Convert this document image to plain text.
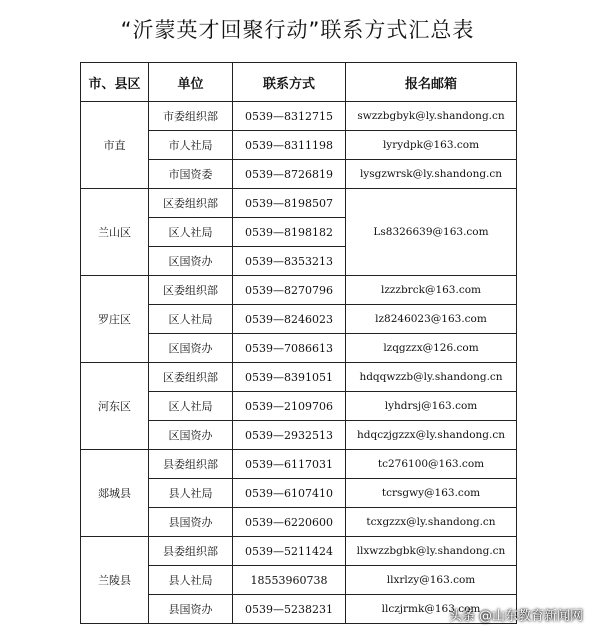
“沂蒙英才回聚行动”联系方式汇总表
市、县区	单位	联系方式	报名邮箱
市直	市委组织部	0539—8312715	swzzbgbyk@ly.shandong.cn
	市人社局	0539—8311198	lyrydpk@163.com
	市国资委	0539—8726819	lysgzwrsk@ly.shandong.cn
兰山区	区委组织部	0539—8198507	Ls8326639@163.com
	区人社局	0539—8198182	
	区国资办	0539—8353213	
罗庄区	区委组织部	0539—8270796	lzzzbrck@163.com
	区人社局	0539—8246023	lz8246023@163.com
	区国资办	0539—7086613	lzqgzzx@126.com
河东区	区委组织部	0539—8391051	hdqqwzzb@ly.shandong.cn
	区人社局	0539—2109706	lyhdrsj@163.com
	区国资办	0539—2932513	hdqczjgzzx@ly.shandong.cn
郯城县	县委组织部	0539—6117031	tc276100@163.com
	县人社局	0539—6107410	tcrsgwy@163.com
	县国资办	0539—6220600	tcxgzzx@ly.shandong.cn
兰陵县	县委组织部	0539—5211424	llxwzzbgbk@ly.shandong.cn
	县人社局	18553960738	llxrlzy@163.com
	县国资办	0539—5238231	llczjrmk@163.com
头条 @山东教育新闻网
